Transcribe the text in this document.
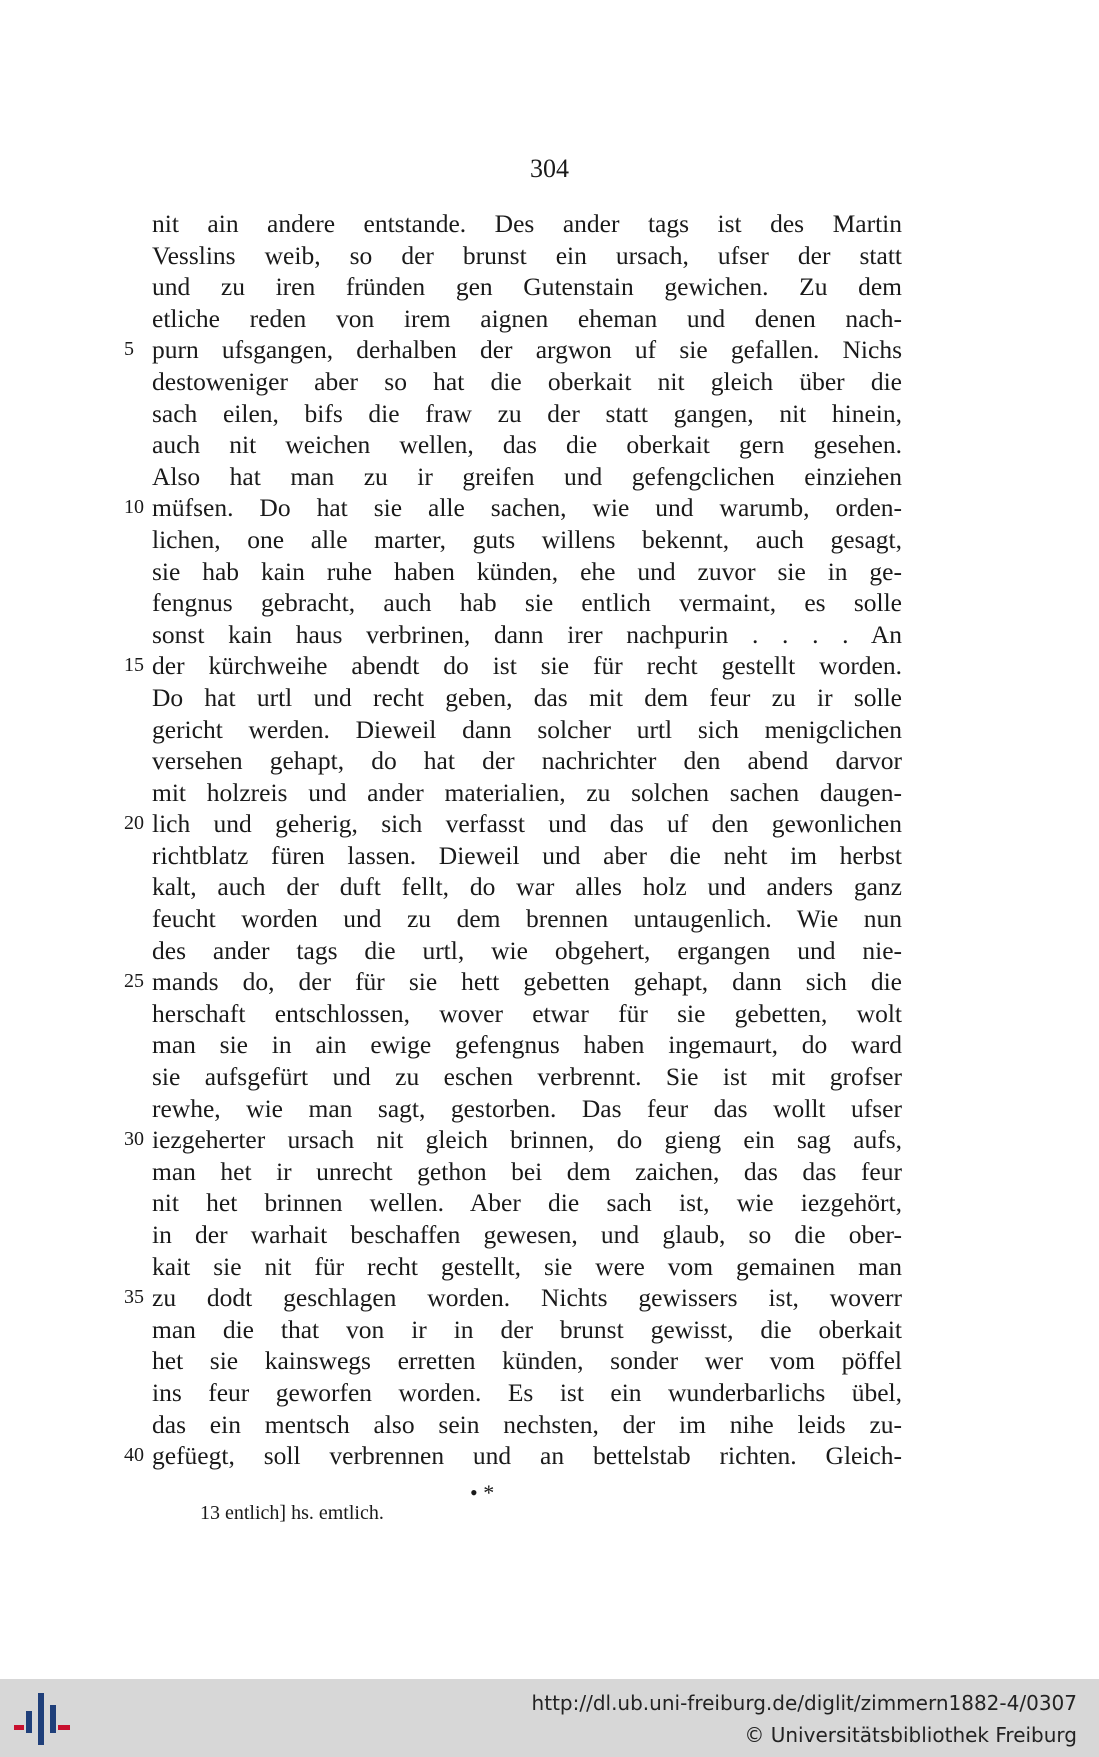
304
nit ain andere entstande. Des ander tags ist des Martin
Vesslins weib, so der brunst ein ursach, ufser der statt
und zu iren fründen gen Gutenstain gewichen. Zu dem
etliche reden von irem aignen eheman und denen nach-
5 purn ufsgangen, derhalben der argwon uf sie gefallen. Nichs
destoweniger aber so hat die oberkait nit gleich über die
sach eilen, bifs die fraw zu der statt gangen, nit hinein,
auch nit weichen wellen, das die oberkait gern gesehen.
Also hat man zu ir greifen und gefengclichen einziehen
10 müfsen. Do hat sie alle sachen, wie und warumb, orden-
lichen, one alle marter, guts willens bekennt, auch gesagt,
sie hab kain ruhe haben künden, ehe und zuvor sie in ge-
fengnus gebracht, auch hab sie entlich vermaint, es solle
sonst kain haus verbrinen, dann irer nachpurin . . . . An
15 der kürchweihe abendt do ist sie für recht gestellt worden.
Do hat urtl und recht geben, das mit dem feur zu ir solle
gericht werden. Dieweil dann solcher urtl sich menigclichen
versehen gehapt, do hat der nachrichter den abend darvor
mit holzreis und ander materialien, zu solchen sachen daugen-
20 lich und geherig, sich verfasst und das uf den gewonlichen
richtblatz füren lassen. Dieweil und aber die neht im herbst
kalt, auch der duft fellt, do war alles holz und anders ganz
feucht worden und zu dem brennen untaugenlich. Wie nun
des ander tags die urtl, wie obgehert, ergangen und nie-
25 mands do, der für sie hett gebetten gehapt, dann sich die
herschaft entschlossen, wover etwar für sie gebetten, wolt
man sie in ain ewige gefengnus haben ingemaurt, do ward
sie aufsgefürt und zu eschen verbrennt. Sie ist mit grofser
rewhe, wie man sagt, gestorben. Das feur das wollt ufser
30 iezgeherter ursach nit gleich brinnen, do gieng ein sag aufs,
man het ir unrecht gethon bei dem zaichen, das das feur
nit het brinnen wellen. Aber die sach ist, wie iezgehört,
in der warhait beschaffen gewesen, und glaub, so die ober-
kait sie nit für recht gestellt, sie were vom gemainen man
35 zu dodt geschlagen worden. Nichts gewissers ist, woverr
man die that von ir in der brunst gewisst, die oberkait
het sie kainswegs erretten künden, sonder wer vom pöffel
ins feur geworfen worden. Es ist ein wunderbarlichs übel,
das ein mentsch also sein nechsten, der im nihe leids zu-
40 gefüegt, soll verbrennen und an bettelstab richten. Gleich-
• *
13 entlich] hs. emtlich.
http://dl.ub.uni-freiburg.de/diglit/zimmern1882-4/0307
© Universitätsbibliothek Freiburg
